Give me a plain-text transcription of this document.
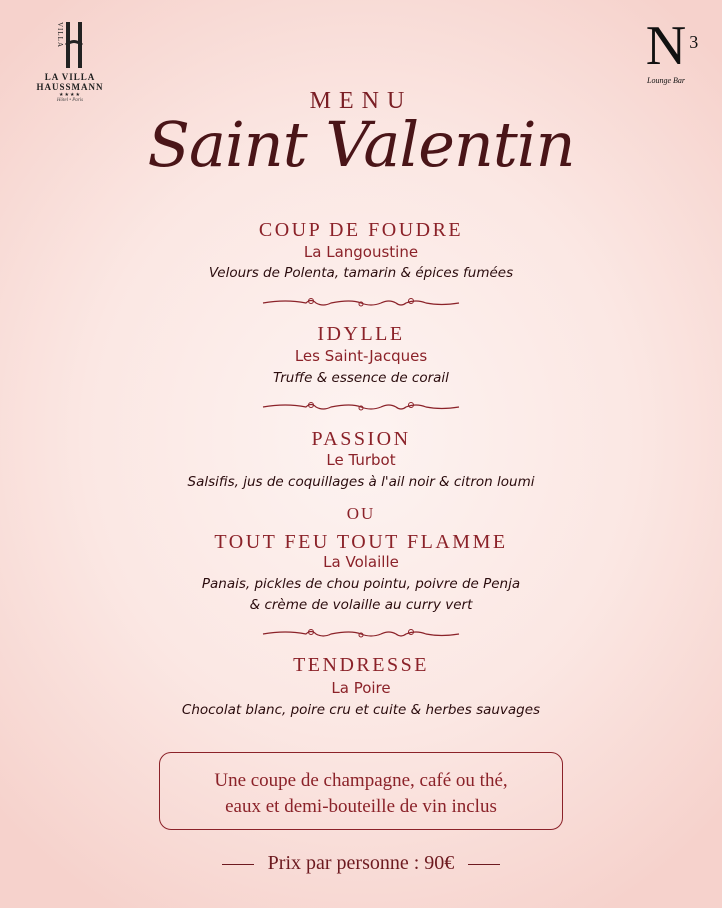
VILLA
LA VILLA
HAUSSMANN
★★★★
Hôtel • Paris
N 3
Lounge Bar
MENU
Saint Valentin
COUP DE FOUDRE
La Langoustine
Velours de Polenta, tamarin & épices fumées
IDYLLE
Les Saint-Jacques
Truffe & essence de corail
PASSION
Le Turbot
Salsifis, jus de coquillages à l'ail noir & citron loumi
OU
TOUT FEU TOUT FLAMME
La Volaille
Panais, pickles de chou pointu, poivre de Penja
& crème de volaille au curry vert
TENDRESSE
La Poire
Chocolat blanc, poire cru et cuite & herbes sauvages
Une coupe de champagne, café ou thé,
eaux et demi-bouteille de vin inclus
Prix par personne : 90€
